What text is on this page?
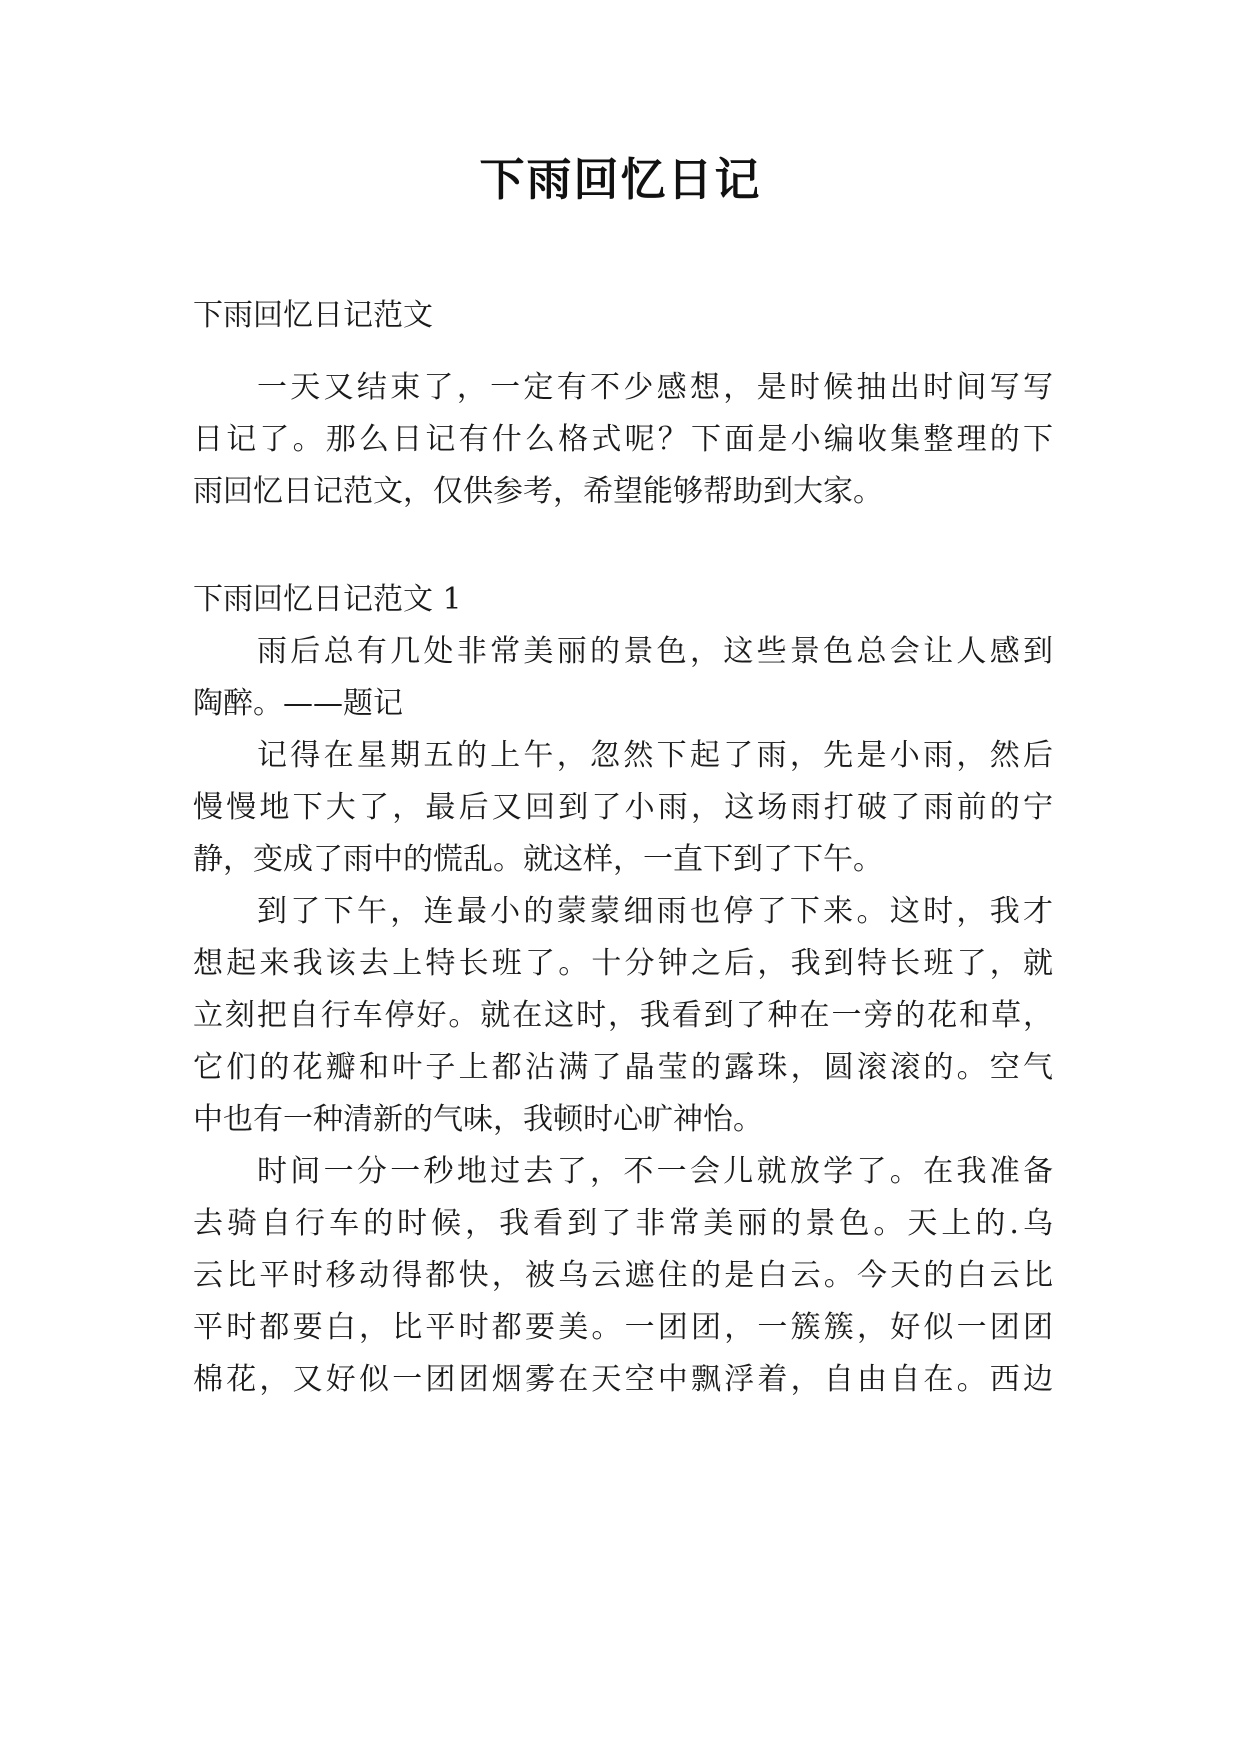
下雨回忆日记
下雨回忆日记范文
一天又结束了，一定有不少感想，是时候抽出时间写写
日记了。那么日记有什么格式呢？下面是小编收集整理的下
雨回忆日记范文，仅供参考，希望能够帮助到大家。
下雨回忆日记范文 1
雨后总有几处非常美丽的景色，这些景色总会让人感到
陶醉。——题记
记得在星期五的上午，忽然下起了雨，先是小雨，然后
慢慢地下大了，最后又回到了小雨，这场雨打破了雨前的宁
静，变成了雨中的慌乱。就这样，一直下到了下午。
到了下午，连最小的蒙蒙细雨也停了下来。这时，我才
想起来我该去上特长班了。十分钟之后，我到特长班了，就
立刻把自行车停好。就在这时，我看到了种在一旁的花和草，
它们的花瓣和叶子上都沾满了晶莹的露珠，圆滚滚的。空气
中也有一种清新的气味，我顿时心旷神怡。
时间一分一秒地过去了，不一会儿就放学了。在我准备
去骑自行车的时候，我看到了非常美丽的景色。天上的.乌
云比平时移动得都快，被乌云遮住的是白云。今天的白云比
平时都要白，比平时都要美。一团团，一簇簇，好似一团团
棉花，又好似一团团烟雾在天空中飘浮着，自由自在。西边
